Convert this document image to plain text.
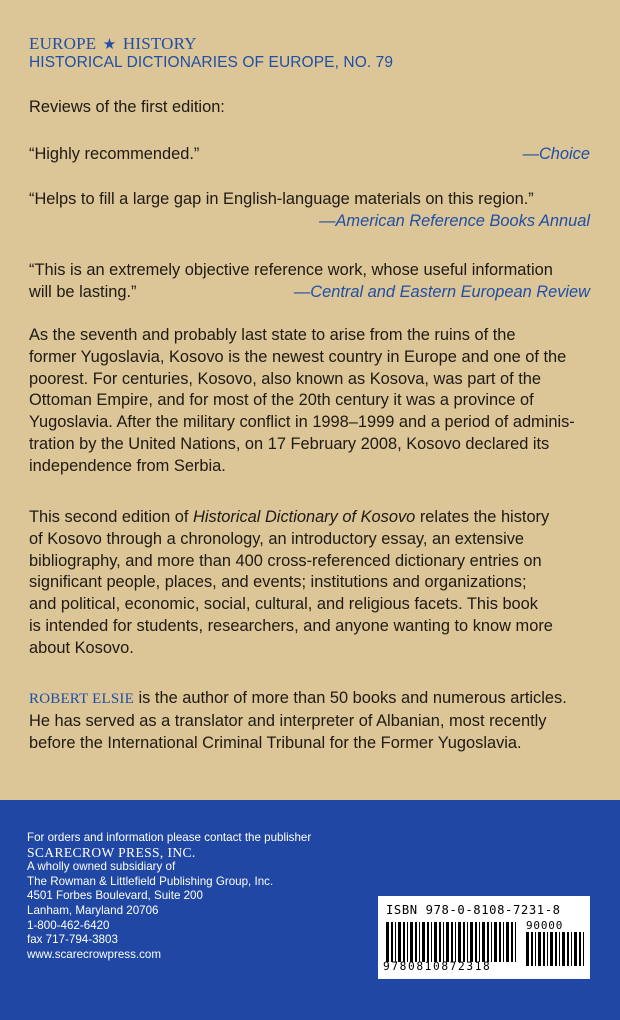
EUROPE ★ HISTORY
HISTORICAL DICTIONARIES OF EUROPE, NO. 79
Reviews of the first edition:
“Highly recommended.”	—Choice
“Helps to fill a large gap in English-language materials on this region.”
—American Reference Books Annual
“This is an extremely objective reference work, whose useful information
will be lasting.”	—Central and Eastern European Review
As the seventh and probably last state to arise from the ruins of the
former Yugoslavia, Kosovo is the newest country in Europe and one of the
poorest. For centuries, Kosovo, also known as Kosova, was part of the
Ottoman Empire, and for most of the 20th century it was a province of
Yugoslavia. After the military conflict in 1998–1999 and a period of adminis-
tration by the United Nations, on 17 February 2008, Kosovo declared its
independence from Serbia.
This second edition of Historical Dictionary of Kosovo relates the history
of Kosovo through a chronology, an introductory essay, an extensive
bibliography, and more than 400 cross-referenced dictionary entries on
significant people, places, and events; institutions and organizations;
and political, economic, social, cultural, and religious facets. This book
is intended for students, researchers, and anyone wanting to know more
about Kosovo.
ROBERT ELSIE is the author of more than 50 books and numerous articles.
He has served as a translator and interpreter of Albanian, most recently
before the International Criminal Tribunal for the Former Yugoslavia.
For orders and information please contact the publisher
SCARECROW PRESS, INC.
A wholly owned subsidiary of
The Rowman & Littlefield Publishing Group, Inc.
4501 Forbes Boulevard, Suite 200
Lanham, Maryland 20706
1-800-462-6420
fax 717-794-3803
www.scarecrowpress.com
ISBN 978-0-8108-7231-8
9780810872318
90000
